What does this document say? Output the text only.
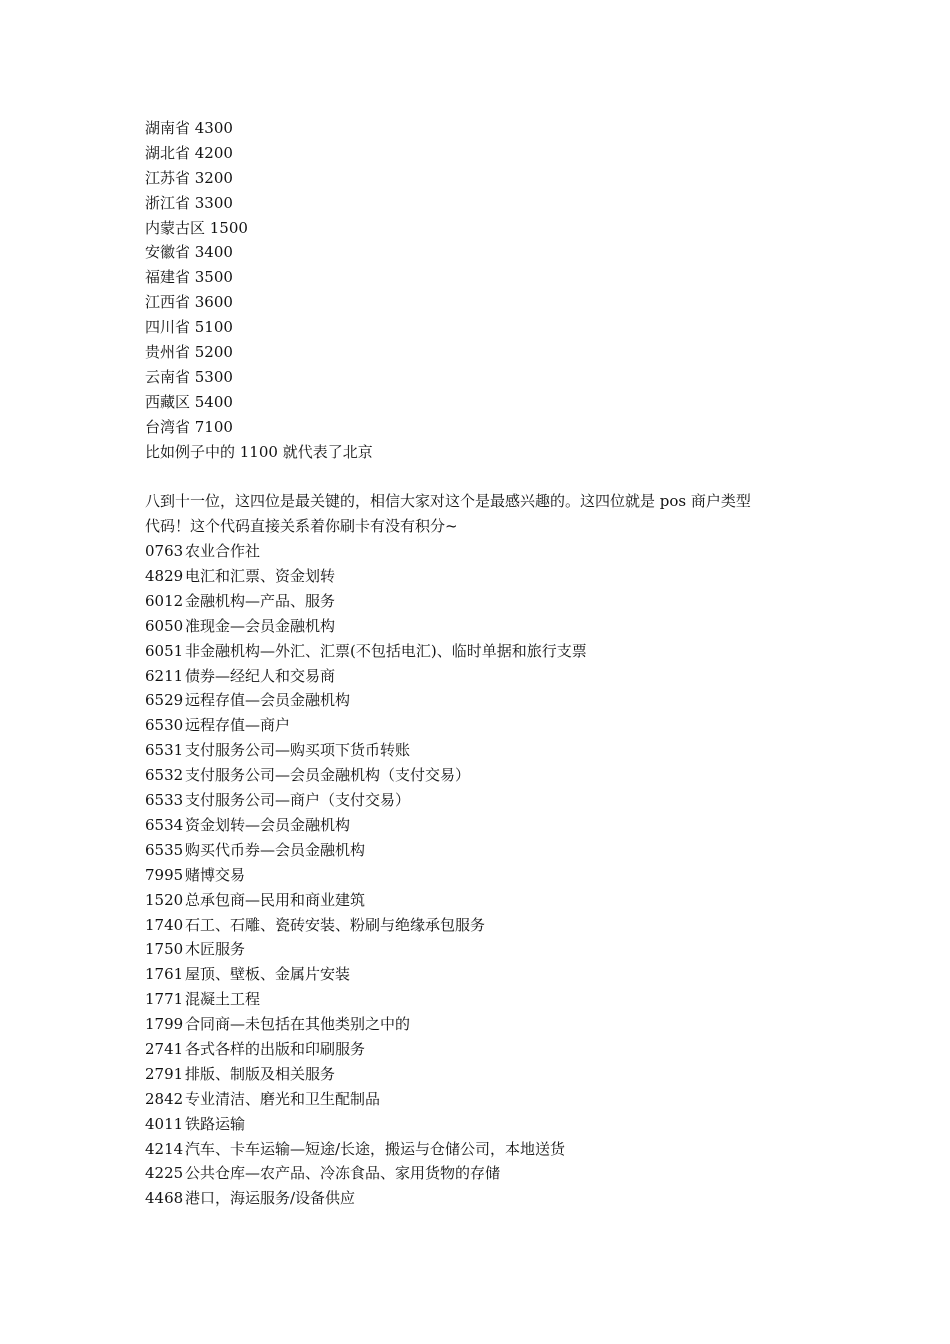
湖南省 4300
湖北省 4200
江苏省 3200
浙江省 3300
内蒙古区 1500
安徽省 3400
福建省 3500
江西省 3600
四川省 5100
贵州省 5200
云南省 5300
西藏区 5400
台湾省 7100
比如例子中的 1100 就代表了北京
八到十一位，这四位是最关键的，相信大家对这个是最感兴趣的。这四位就是 pos 商户类型
代码！这个代码直接关系着你刷卡有没有积分~
0763 农业合作社
4829 电汇和汇票、资金划转
6012 金融机构—产品、服务
6050 准现金—会员金融机构
6051 非金融机构—外汇、汇票(不包括电汇)、临时单据和旅行支票
6211 债券—经纪人和交易商
6529 远程存值—会员金融机构
6530 远程存值—商户
6531 支付服务公司—购买项下货币转账
6532 支付服务公司—会员金融机构（支付交易）
6533 支付服务公司—商户（支付交易）
6534 资金划转—会员金融机构
6535 购买代币券—会员金融机构
7995 赌博交易
1520 总承包商—民用和商业建筑
1740 石工、石雕、瓷砖安装、粉刷与绝缘承包服务
1750 木匠服务
1761 屋顶、壁板、金属片安装
1771 混凝土工程
1799 合同商—未包括在其他类别之中的
2741 各式各样的出版和印刷服务
2791 排版、制版及相关服务
2842 专业清洁、磨光和卫生配制品
4011 铁路运输
4214 汽车、卡车运输—短途/长途，搬运与仓储公司，本地送货
4225 公共仓库—农产品、冷冻食品、家用货物的存储
4468 港口，海运服务/设备供应
